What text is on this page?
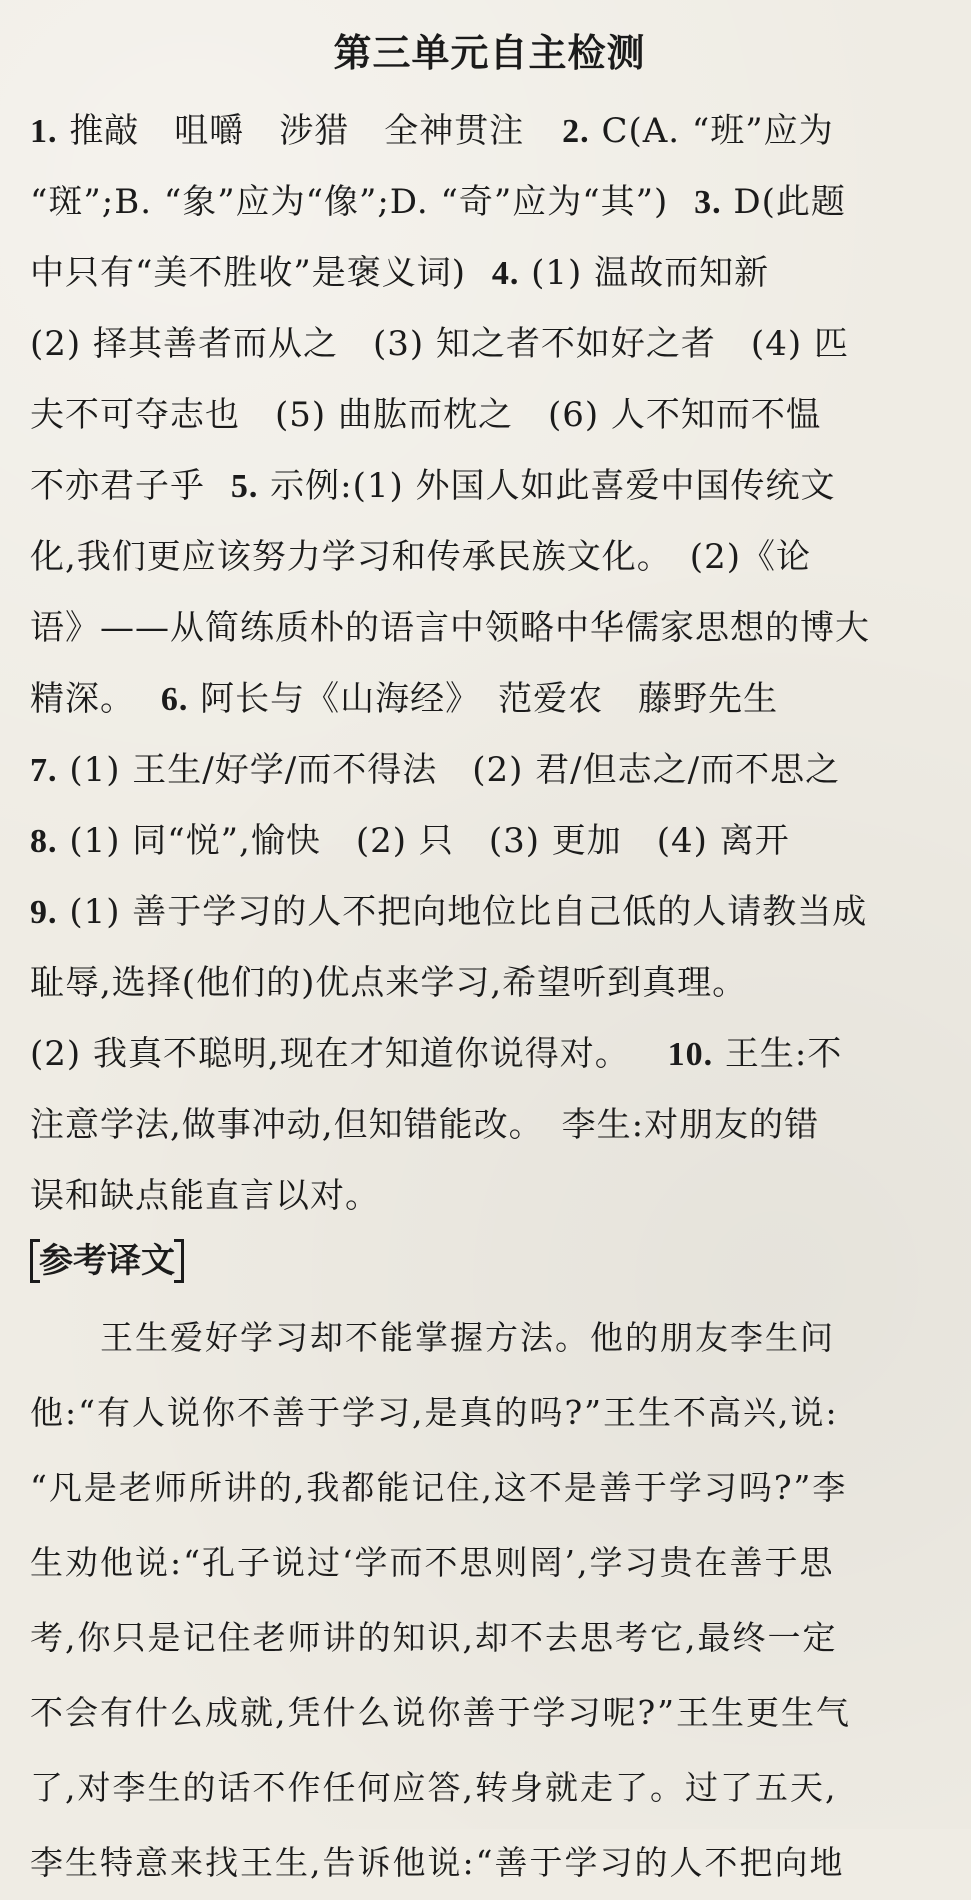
第三单元自主检测
1. 推敲　咀嚼　涉猎　全神贯注 2. C(A. “班”应为
“斑”;B. “象”应为“像”;D. “奇”应为“其”) 3. D(此题
中只有“美不胜收”是褒义词) 4. (1) 温故而知新
(2) 择其善者而从之　(3) 知之者不如好之者　(4) 匹
夫不可夺志也　(5) 曲肱而枕之　(6) 人不知而不愠
不亦君子乎 5. 示例:(1) 外国人如此喜爱中国传统文
化,我们更应该努力学习和传承民族文化。　(2)《论
语》——从简练质朴的语言中领略中华儒家思想的博大
精深。 6. 阿长与《山海经》　范爱农　藤野先生
7. (1) 王生/好学/而不得法　(2) 君/但志之/而不思之
8. (1) 同“悦”,愉快　(2) 只　(3) 更加　(4) 离开
9. (1) 善于学习的人不把向地位比自己低的人请教当成
耻辱,选择(他们的)优点来学习,希望听到真理。
(2) 我真不聪明,现在才知道你说得对。 10. 王生:不
注意学法,做事冲动,但知错能改。　李生:对朋友的错
误和缺点能直言以对。
参考译文
王生爱好学习却不能掌握方法。他的朋友李生问
他:“有人说你不善于学习,是真的吗?”王生不高兴,说:
“凡是老师所讲的,我都能记住,这不是善于学习吗?”李
生劝他说:“孔子说过‘学而不思则罔’,学习贵在善于思
考,你只是记住老师讲的知识,却不去思考它,最终一定
不会有什么成就,凭什么说你善于学习呢?”王生更生气
了,对李生的话不作任何应答,转身就走了。过了五天,
李生特意来找王生,告诉他说:“善于学习的人不把向地
